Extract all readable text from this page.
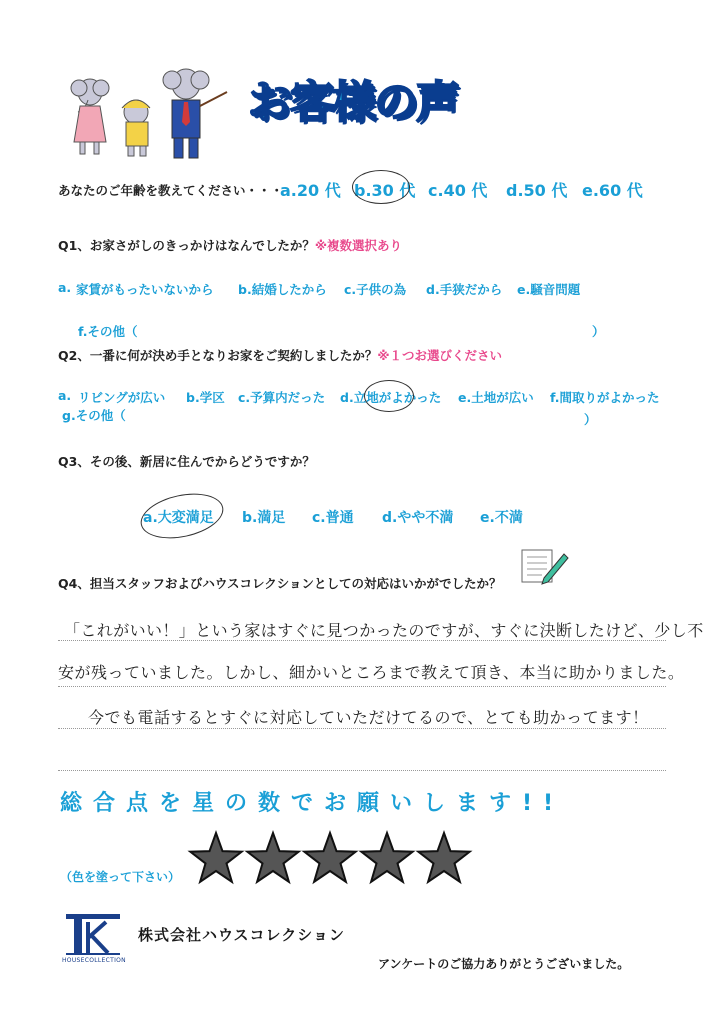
お客様の声
あなたのご年齢を教えてください・・・
a.20 代 b.30 代 c.40 代 d.50 代 e.60 代
Q1、お家さがしのきっかけはなんでしたか？※複数選択あり
a. 家賃がもったいないから b.結婚したから c.子供の為 d.手狭だから e.騒音問題
f.その他（	）
Q2、一番に何が決め手となりお家をご契約しましたか？※１つお選びください
a. リビングが広い b.学区 c.予算内だった d.立地がよかった e.土地が広い f.間取りがよかった
g.その他（	）
Q3、その後、新居に住んでからどうですか？
a.大変満足 b.満足 c.普通 d.やや不満 e.不満
Q4、担当スタッフおよびハウスコレクションとしての対応はいかがでしたか？
「これがいい！」という家はすぐに見つかったのですが、すぐに決断したけど、少し不
安が残っていました。しかし、細かいところまで教えて頂き、本当に助かりました。
今でも電話するとすぐに対応していただけてるので、とても助かってます！
総合点を星の数でお願いします!!
（色を塗って下さい）
HOUSECOLLECTION
株式会社ハウスコレクション
アンケートのご協力ありがとうございました。
